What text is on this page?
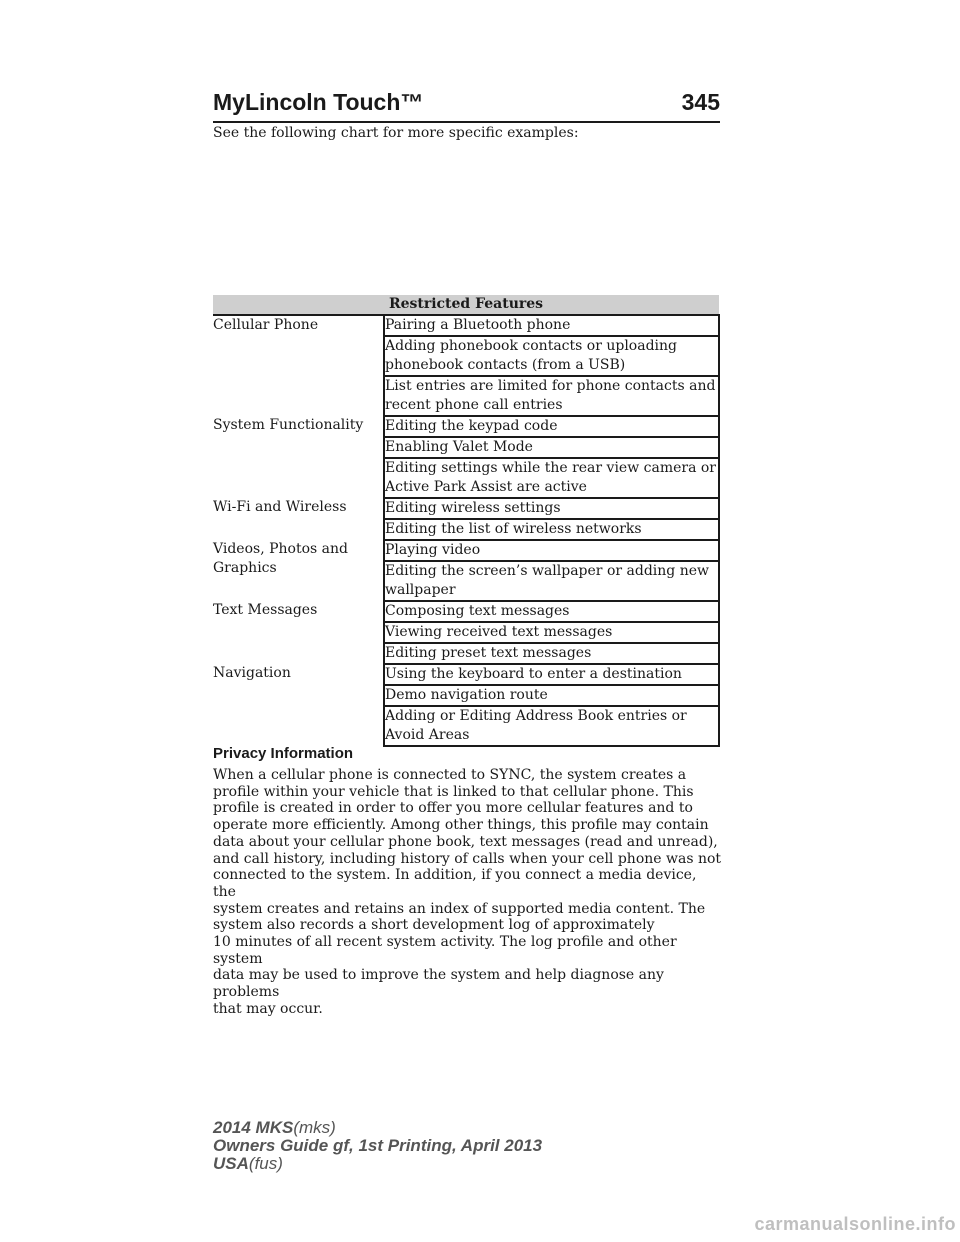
MyLincoln Touch™	345
See the following chart for more specific examples:
Restricted Features	
Cellular Phone	Pairing a Bluetooth phone
	Adding phonebook contacts or uploading phonebook contacts (from a USB)
	List entries are limited for phone contacts and recent phone call entries
System Functionality	Editing the keypad code
	Enabling Valet Mode
	Editing settings while the rear view camera or Active Park Assist are active
Wi-Fi and Wireless	Editing wireless settings
	Editing the list of wireless networks
Videos, Photos and Graphics	Playing video
	Editing the screen’s wallpaper or adding new wallpaper
Text Messages	Composing text messages
	Viewing received text messages
	Editing preset text messages
Navigation	Using the keyboard to enter a destination
	Demo navigation route
	Adding or Editing Address Book entries or Avoid Areas
Privacy Information
When a cellular phone is connected to SYNC, the system creates a
profile within your vehicle that is linked to that cellular phone. This
profile is created in order to offer you more cellular features and to
operate more efficiently. Among other things, this profile may contain
data about your cellular phone book, text messages (read and unread),
and call history, including history of calls when your cell phone was not
connected to the system. In addition, if you connect a media device, the
system creates and retains an index of supported media content. The
system also records a short development log of approximately
10 minutes of all recent system activity. The log profile and other system
data may be used to improve the system and help diagnose any problems
that may occur.
2014 MKS(mks)
Owners Guide gf, 1st Printing, April 2013
USA(fus)
carmanualsonline.info
